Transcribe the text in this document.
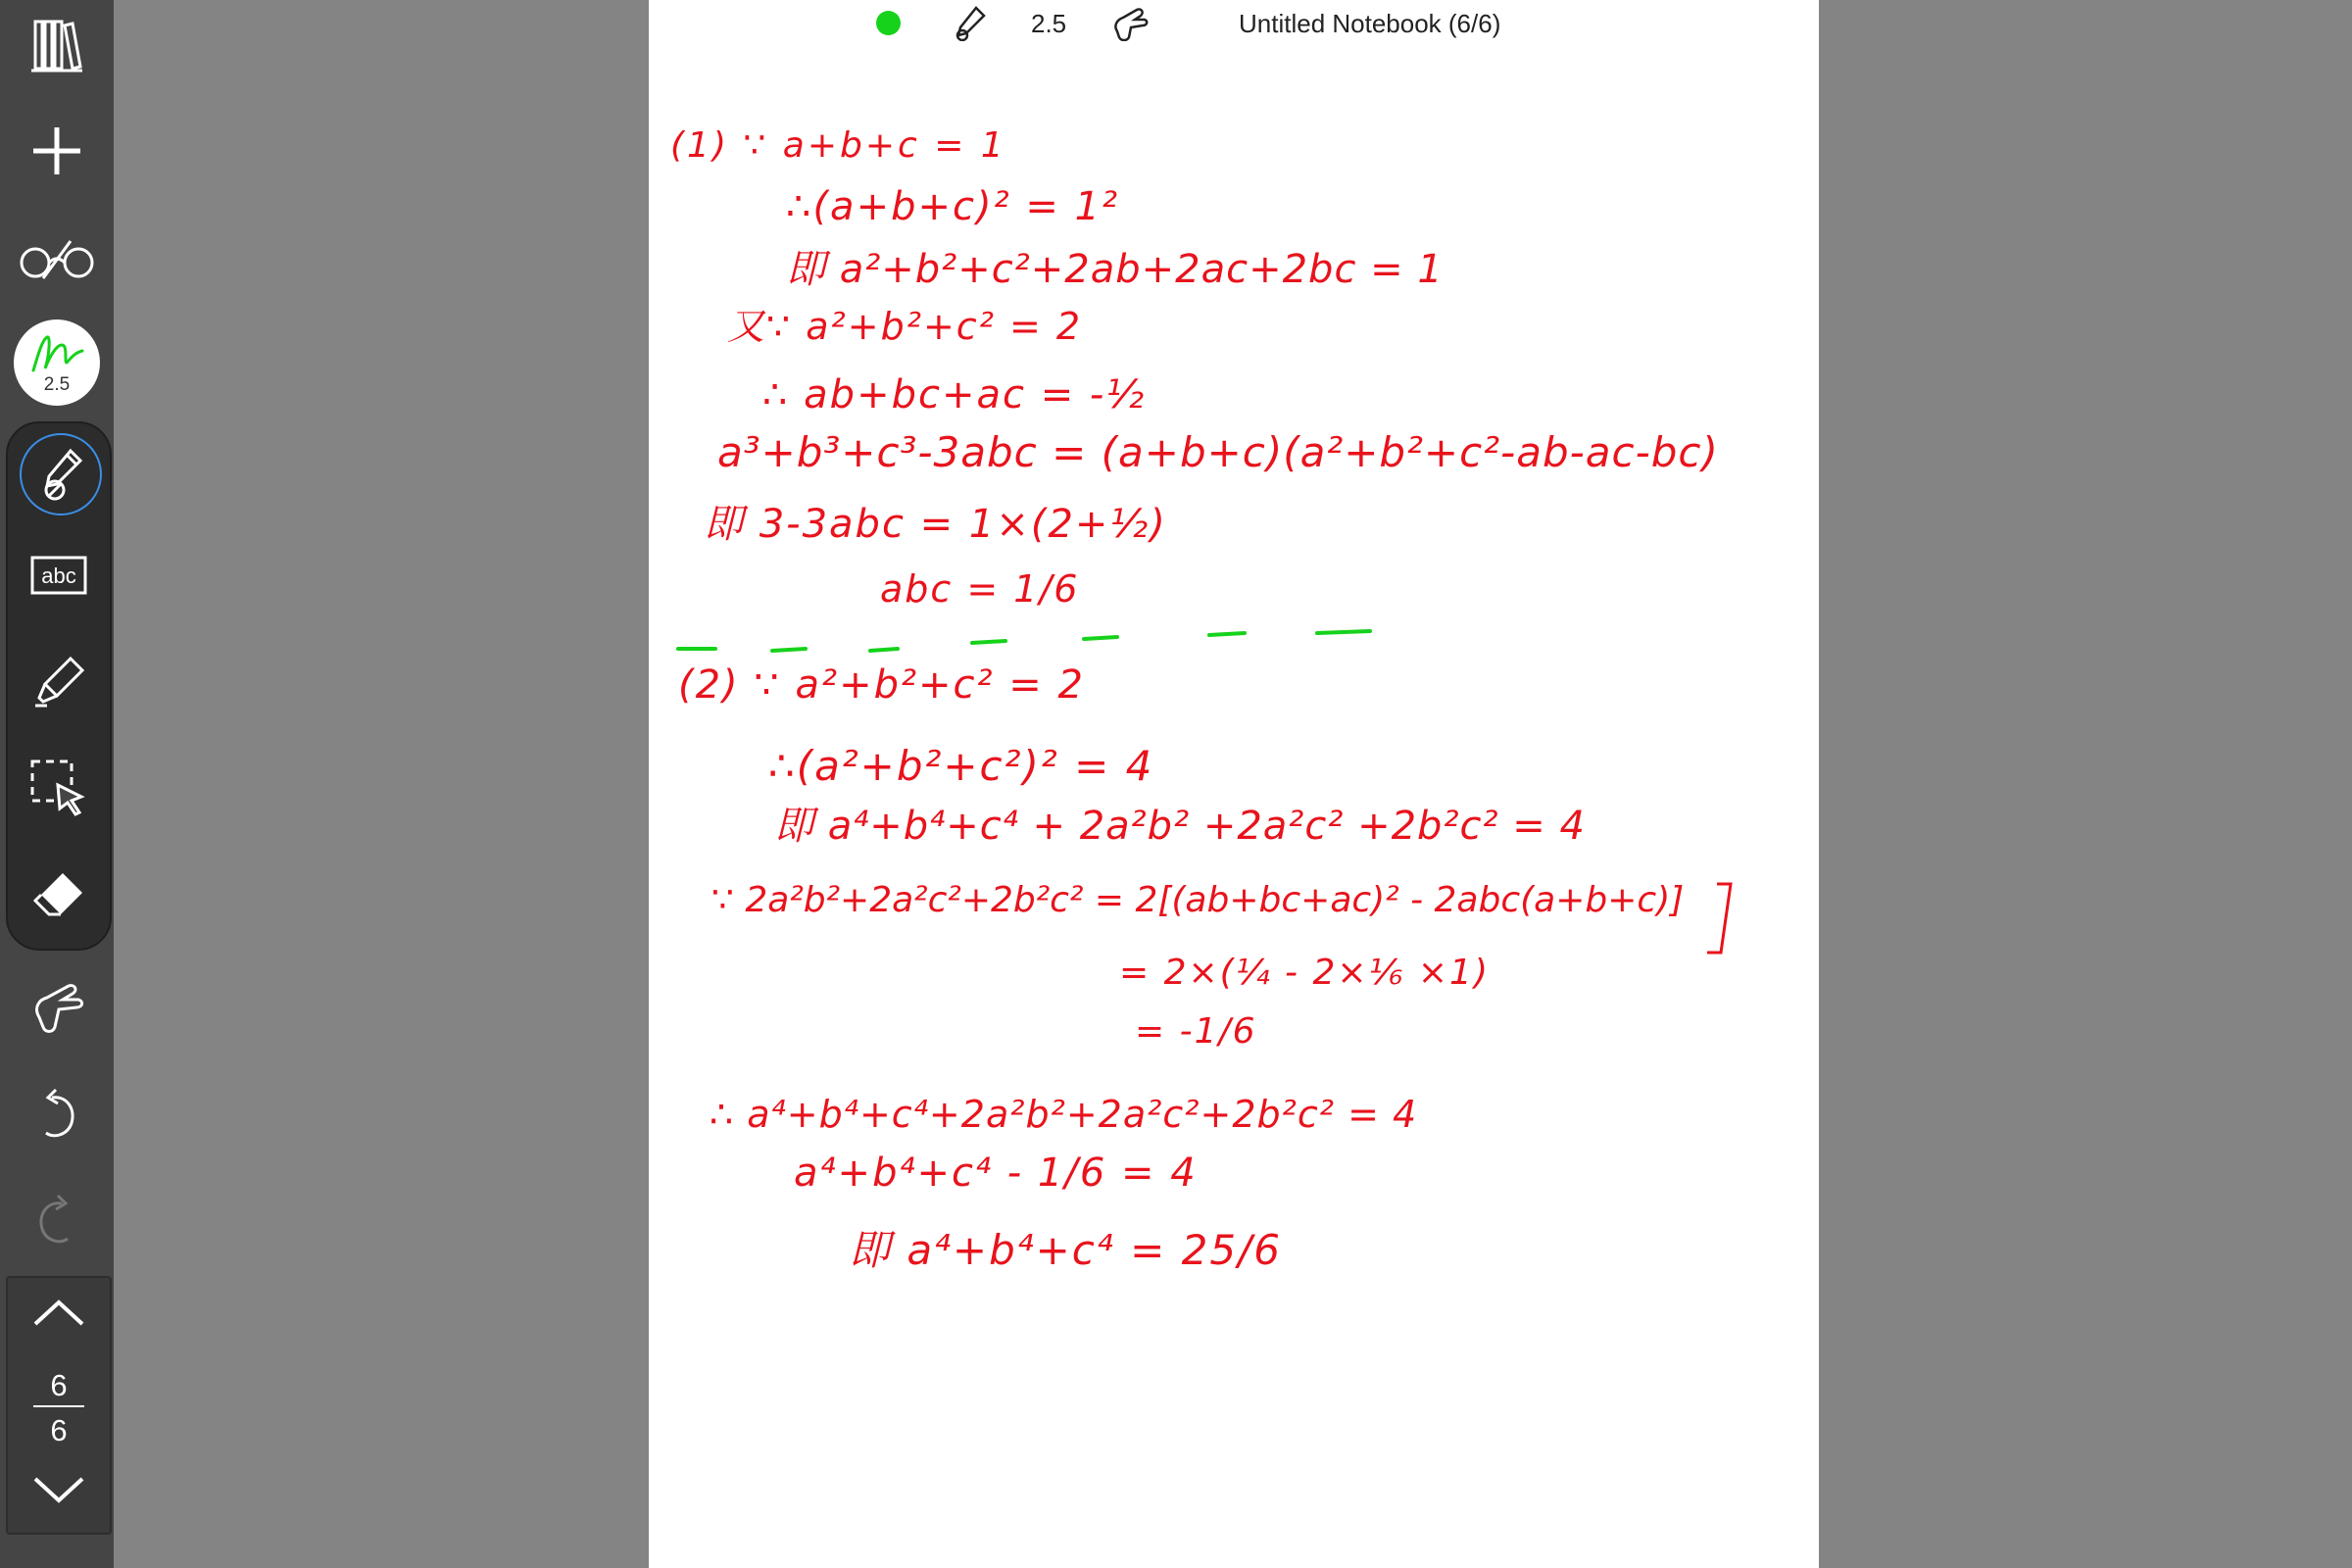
2.5
abc
6
6
2.5	Untitled Notebook (6/6)
(1) ∵ a+b+c = 1
∴(a+b+c)² = 1²
即 a²+b²+c²+2ab+2ac+2bc = 1
又∵ a²+b²+c² = 2
∴ ab+bc+ac = -½
a³+b³+c³-3abc = (a+b+c)(a²+b²+c²-ab-ac-bc)
即 3-3abc = 1×(2+½)
abc = 1/6
(2) ∵ a²+b²+c² = 2
∴(a²+b²+c²)² = 4
即 a⁴+b⁴+c⁴ + 2a²b² +2a²c² +2b²c² = 4
∵ 2a²b²+2a²c²+2b²c² = 2[(ab+bc+ac)² - 2abc(a+b+c)]
= 2×(¼ - 2×⅙ ×1)
= -1/6
∴ a⁴+b⁴+c⁴+2a²b²+2a²c²+2b²c² = 4
a⁴+b⁴+c⁴ - 1/6 = 4
即 a⁴+b⁴+c⁴ = 25/6
